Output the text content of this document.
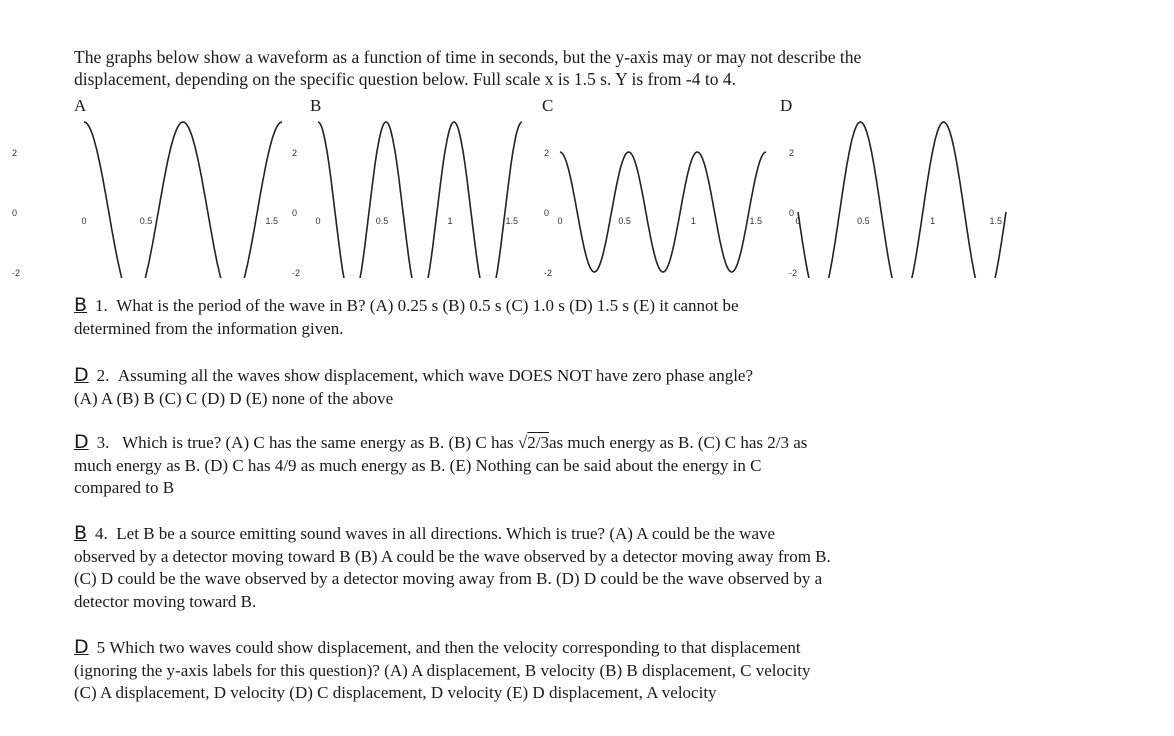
The graphs below show a waveform as a function of time in seconds, but the y-axis may or may not describe the

displacement, depending on the specific question below. Full scale x is 1.5 s. Y is from -4 to 4.

A	B	C	D
2
0
-2
0	0.5	1.5
2
0
-2
0	0.5	1	1.5
2
0
-2
0	0.5	1	1.5
2
0
-2
0	0.5	1	1.5

B 1. What is the period of the wave in B? (A) 0.25 s (B) 0.5 s (C) 1.0 s (D) 1.5 s (E) it cannot be

determined from the information given.

D 2. Assuming all the waves show displacement, which wave DOES NOT have zero phase angle?

(A) A (B) B (C) C (D) D (E) none of the above

D 3. Which is true? (A) C has the same energy as B. (B) C has √2/3as much energy as B. (C) C has 2/3 as

much energy as B. (D) C has 4/9 as much energy as B. (E) Nothing can be said about the energy in C

compared to B

B 4. Let B be a source emitting sound waves in all directions. Which is true? (A) A could be the wave

observed by a detector moving toward B (B) A could be the wave observed by a detector moving away from B.

(C) D could be the wave observed by a detector moving away from B. (D) D could be the wave observed by a

detector moving toward B.

D 5 Which two waves could show displacement, and then the velocity corresponding to that displacement

(ignoring the y-axis labels for this question)? (A) A displacement, B velocity (B) B displacement, C velocity

(C) A displacement, D velocity (D) C displacement, D velocity (E) D displacement, A velocity
